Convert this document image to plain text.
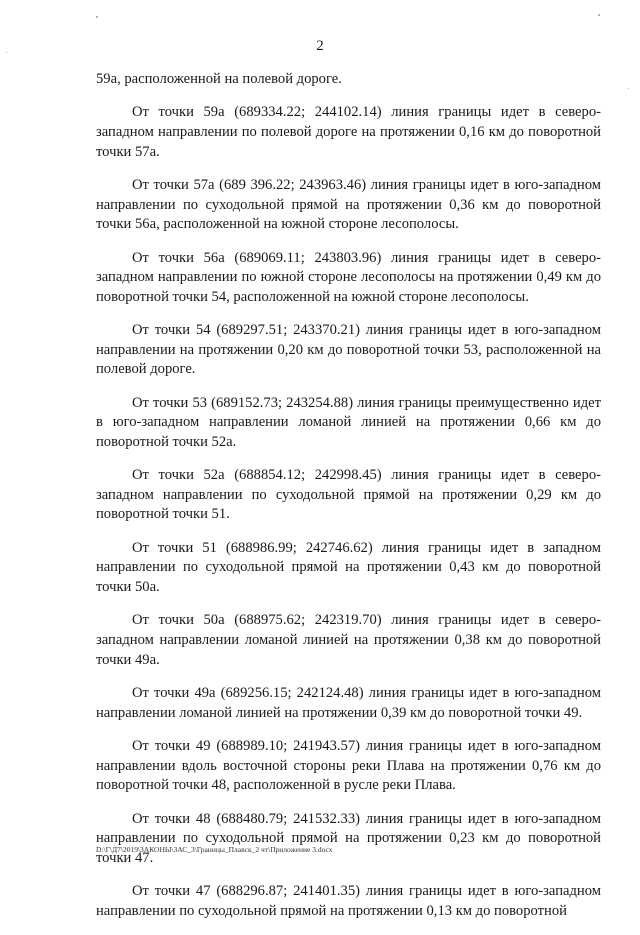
2

59а, расположенной на полевой дороге.

От точки 59а (689334.22; 244102.14) линия границы идет в северо-западном направлении по полевой дороге на протяжении 0,16 км до поворотной точки 57а.

От точки 57а (689 396.22; 243963.46) линия границы идет в юго-западном направлении по суходольной прямой на протяжении 0,36 км до поворотной точки 56а, расположенной на южной стороне лесополосы.

От точки 56а (689069.11; 243803.96) линия границы идет в северо-западном направлении по южной стороне лесополосы на протяжении 0,49 км до поворотной точки 54, расположенной на южной стороне лесополосы.

От точки 54 (689297.51; 243370.21) линия границы идет в юго-западном направлении на протяжении 0,20 км до поворотной точки 53, расположенной на полевой дороге.

От точки 53 (689152.73; 243254.88) линия границы преимущественно идет в юго-западном направлении ломаной линией на протяжении 0,66 км до поворотной точки 52а.

От точки 52а (688854.12; 242998.45) линия границы идет в северо-западном направлении по суходольной прямой на протяжении 0,29 км до поворотной точки 51.

От точки 51 (688986.99; 242746.62) линия границы идет в западном направлении по суходольной прямой на протяжении 0,43 км до поворотной точки 50а.

От точки 50а (688975.62; 242319.70) линия границы идет в северо-западном направлении ломаной линией на протяжении 0,38 км до поворотной точки 49а.

От точки 49а (689256.15; 242124.48) линия границы идет в юго-западном направлении ломаной линией на протяжении 0,39 км до поворотной точки 49.

От точки 49 (688989.10; 241943.57) линия границы идет в юго-западном направлении вдоль восточной стороны реки Плава на протяжении 0,76 км до поворотной точки 48, расположенной в русле реки Плава.

От точки 48 (688480.79; 241532.33) линия границы идет в юго-западном направлении по суходольной прямой на протяжении 0,23 км до поворотной точки 47.

От точки 47 (688296.87; 241401.35) линия границы идет в юго-западном направлении по суходольной прямой на протяжении 0,13 км до поворотной

D:\Г\Д7\2019\ЗАКОНЫ\ЗАС_3\Границы_Плавск_2 чт\Приложение 3.docx
